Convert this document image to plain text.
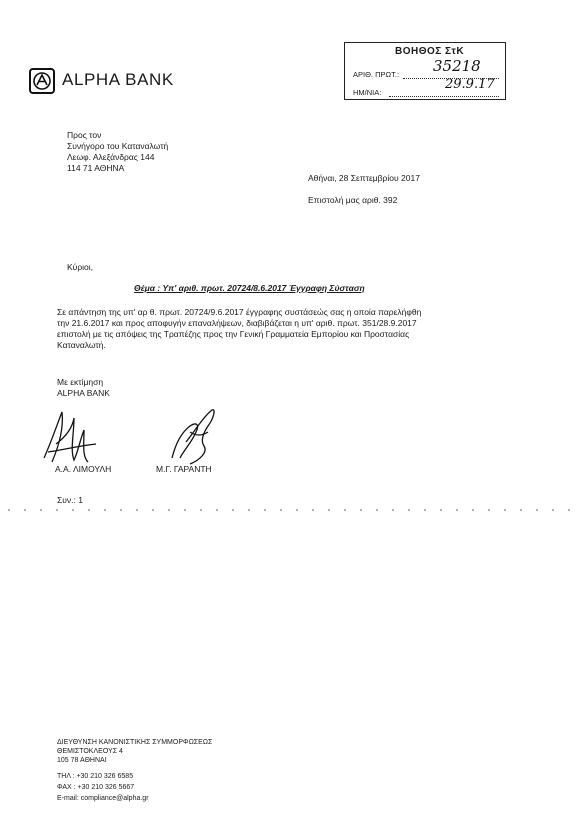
ΒΟΗΘΟΣ ΣτΚ
ΑΡΙΘ. ΠΡΩΤ.: 35218
ΗΜ/ΝΙΑ:
29.9.17
ALPHA BANK
Προς τον
Συνήγορο του Καταναλωτή
Λεωφ. Αλεξάνδρας 144
114 71 ΑΘΗΝΑ
Αθήναι, 28 Σεπτεμβρίου 2017
Επιστολή μας αριθ. 392
Κύριοι,
Θέμα : Υπ' αριθ. πρωτ. 20724/8.6.2017 Έγγραφη Σύσταση
Σε απάντηση της υπ' αρ θ. πρωτ. 20724/9.6.2017 έγγραφης συστάσεώς σας η οποία παρελήφθη
την 21.6.2017 και προς αποφυγήν επαναλήψεων, διαβιβάζεται η υπ' αριθ. πρωτ. 351/28.9.2017
επιστολή με τις απόψεις της Τραπέζης προς την Γενική Γραμματεία Εμπορίου και Προστασίας
Καταναλωτή.
Με εκτίμηση
ALPHA BANK
Α.Α. ΛΙΜΟΥΛΗ	Μ.Γ. ΓΑΡΑΝΤΗ
Συν.: 1
ΔΙΕΥΘΥΝΣΗ ΚΑΝΟΝΙΣΤΙΚΗΣ ΣΥΜΜΟΡΦΩΣΕΩΣ
ΘΕΜΙΣΤΟΚΛΕΟΥΣ 4
105 78 ΑΘΗΝΑΙ
ΤΗΛ : +30 210 326 6585
ΦΑΧ : +30 210 326 5667
E-mail: compliance@alpha.gr
